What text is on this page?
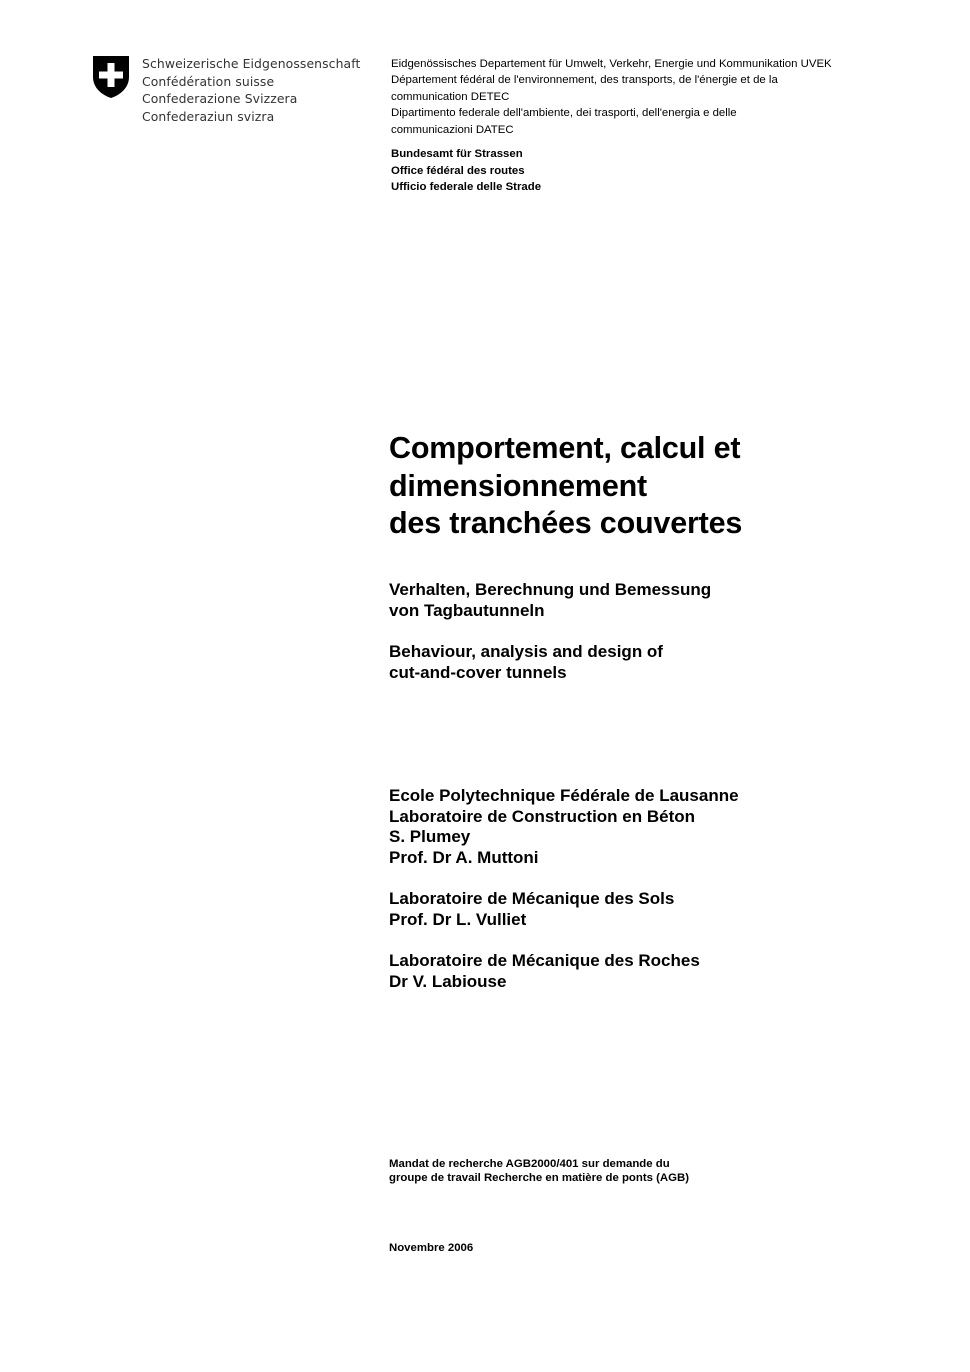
Schweizerische Eidgenossenschaft
Confédération suisse
Confederazione Svizzera
Confederaziun svizra
Eidgenössisches Departement für Umwelt, Verkehr, Energie und Kommunikation UVEK
Département fédéral de l'environnement, des transports, de l'énergie et de la
communication DETEC
Dipartimento federale dell'ambiente, dei trasporti, dell'energia e delle
communicazioni DATEC
Bundesamt für Strassen
Office fédéral des routes
Ufficio federale delle Strade
Comportement, calcul et
dimensionnement
des tranchées couvertes
Verhalten, Berechnung und Bemessung
von Tagbautunneln
Behaviour, analysis and design of
cut-and-cover tunnels
Ecole Polytechnique Fédérale de Lausanne
Laboratoire de Construction en Béton
S. Plumey
Prof. Dr A. Muttoni
Laboratoire de Mécanique des Sols
Prof. Dr L. Vulliet
Laboratoire de Mécanique des Roches
Dr V. Labiouse
Mandat de recherche AGB2000/401 sur demande du
groupe de travail Recherche en matière de ponts (AGB)
Novembre 2006
